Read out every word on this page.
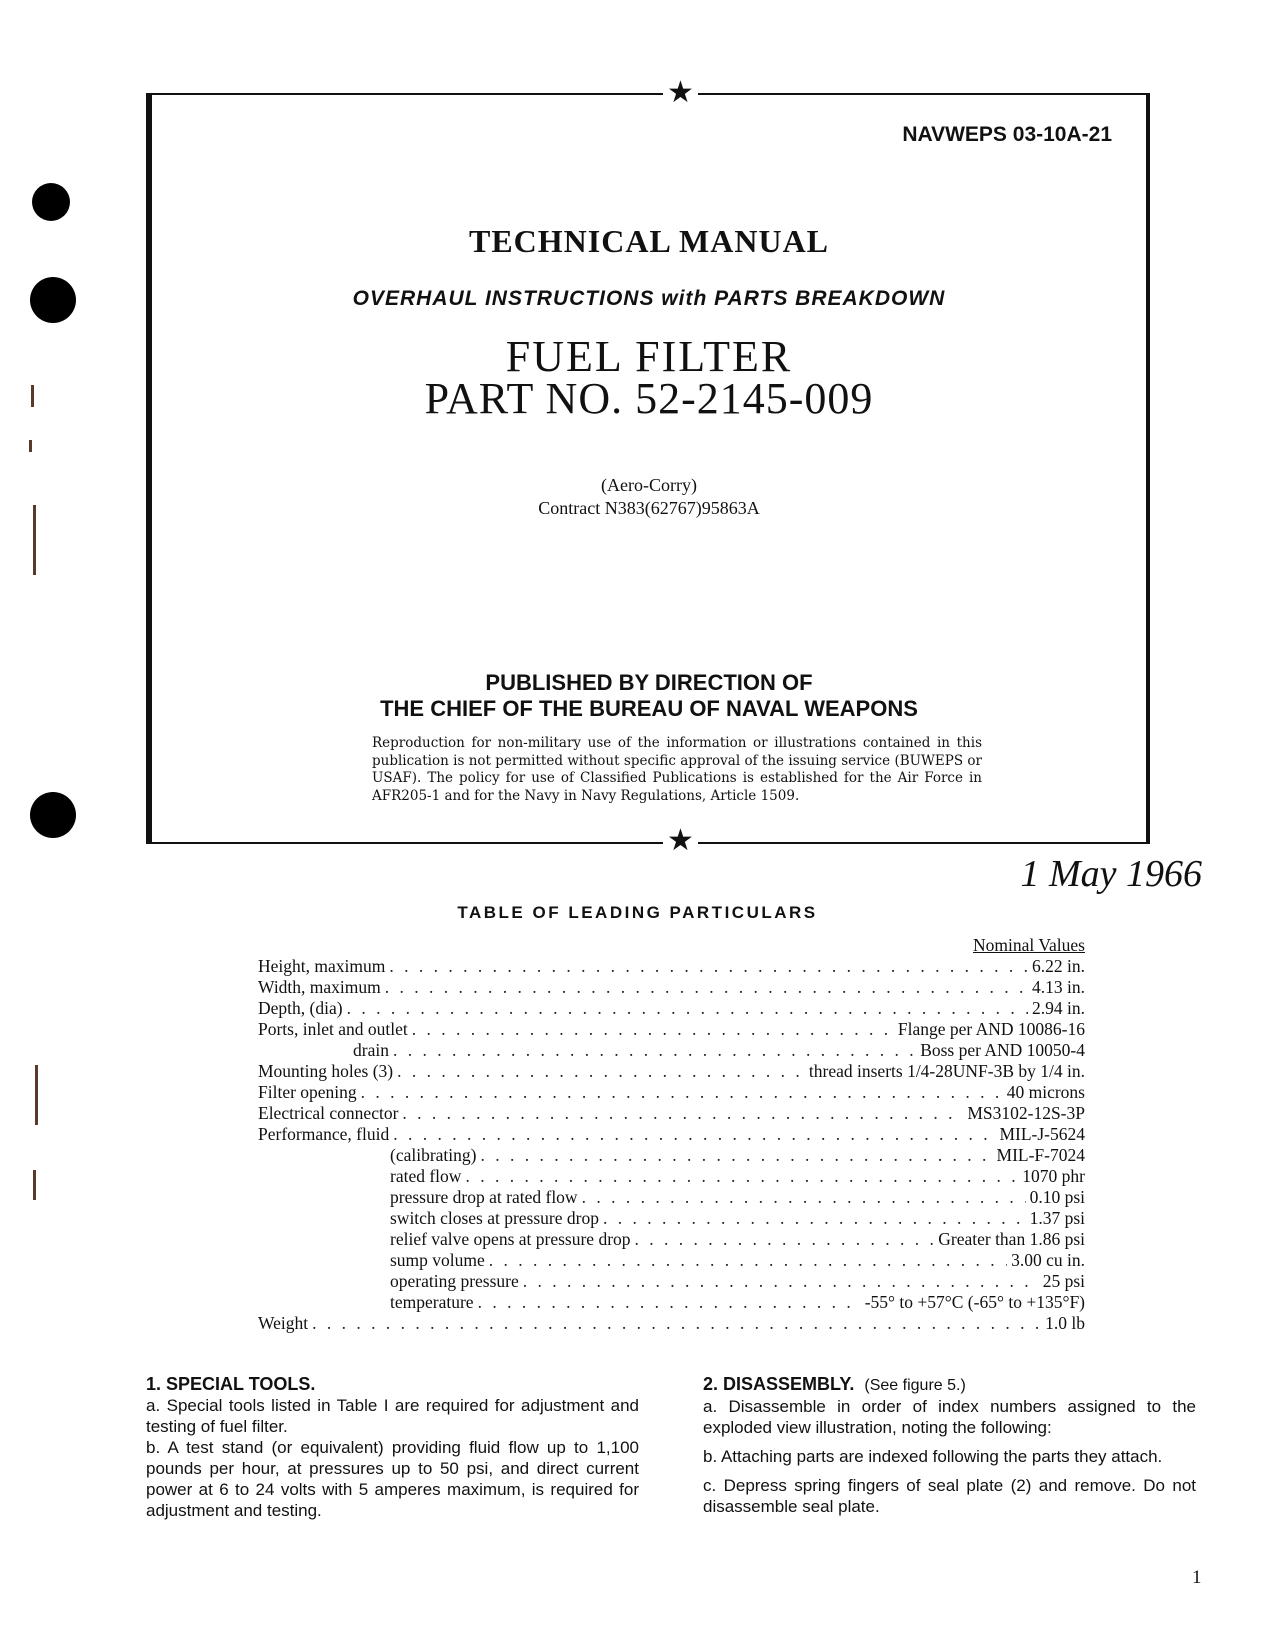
NAVWEPS 03-10A-21
TECHNICAL MANUAL
OVERHAUL INSTRUCTIONS with PARTS BREAKDOWN
FUEL FILTER
PART NO. 52-2145-009
(Aero-Corry)
Contract N383(62767)95863A
PUBLISHED BY DIRECTION OF
THE CHIEF OF THE BUREAU OF NAVAL WEAPONS
Reproduction for non-military use of the information or illustrations contained in this publication is not permitted without specific approval of the issuing service (BUWEPS or USAF). The policy for use of Classified Publications is established for the Air Force in AFR205-1 and for the Navy in Navy Regulations, Article 1509.
★
★
1 May 1966
TABLE OF LEADING PARTICULARS
Nominal Values
Height, maximum . . .	6.22 in.
Width, maximum . . .	4.13 in.
Depth, (dia) . . .	2.94 in.
Ports, inlet and outlet . . .	Flange per AND 10086-16
drain . . .	Boss per AND 10050-4
Mounting holes (3) . . .	thread inserts 1/4-28UNF-3B by 1/4 in.
Filter opening . . .	40 microns
Electrical connector . . .	MS3102-12S-3P
Performance, fluid . . .	MIL-J-5624
(calibrating) . . .	MIL-F-7024
rated flow . . .	1070 phr
pressure drop at rated flow . . .	0.10 psi
switch closes at pressure drop . . .	1.37 psi
relief valve opens at pressure drop . . .	Greater than 1.86 psi
sump volume . . .	3.00 cu in.
operating pressure . . .	25 psi
temperature . . .	-55° to +57°C (-65° to +135°F)
Weight . . .	1.0 lb
1. SPECIAL TOOLS.

a. Special tools listed in Table I are required for adjustment and testing of fuel filter.

b. A test stand (or equivalent) providing fluid flow up to 1,100 pounds per hour, at pressures up to 50 psi, and direct current power at 6 to 24 volts with 5 amperes maximum, is required for adjustment and testing.

2. DISASSEMBLY. (See figure 5.)

a. Disassemble in order of index numbers assigned to the exploded view illustration, noting the following:

b. Attaching parts are indexed following the parts they attach.

c. Depress spring fingers of seal plate (2) and remove. Do not disassemble seal plate.

1
